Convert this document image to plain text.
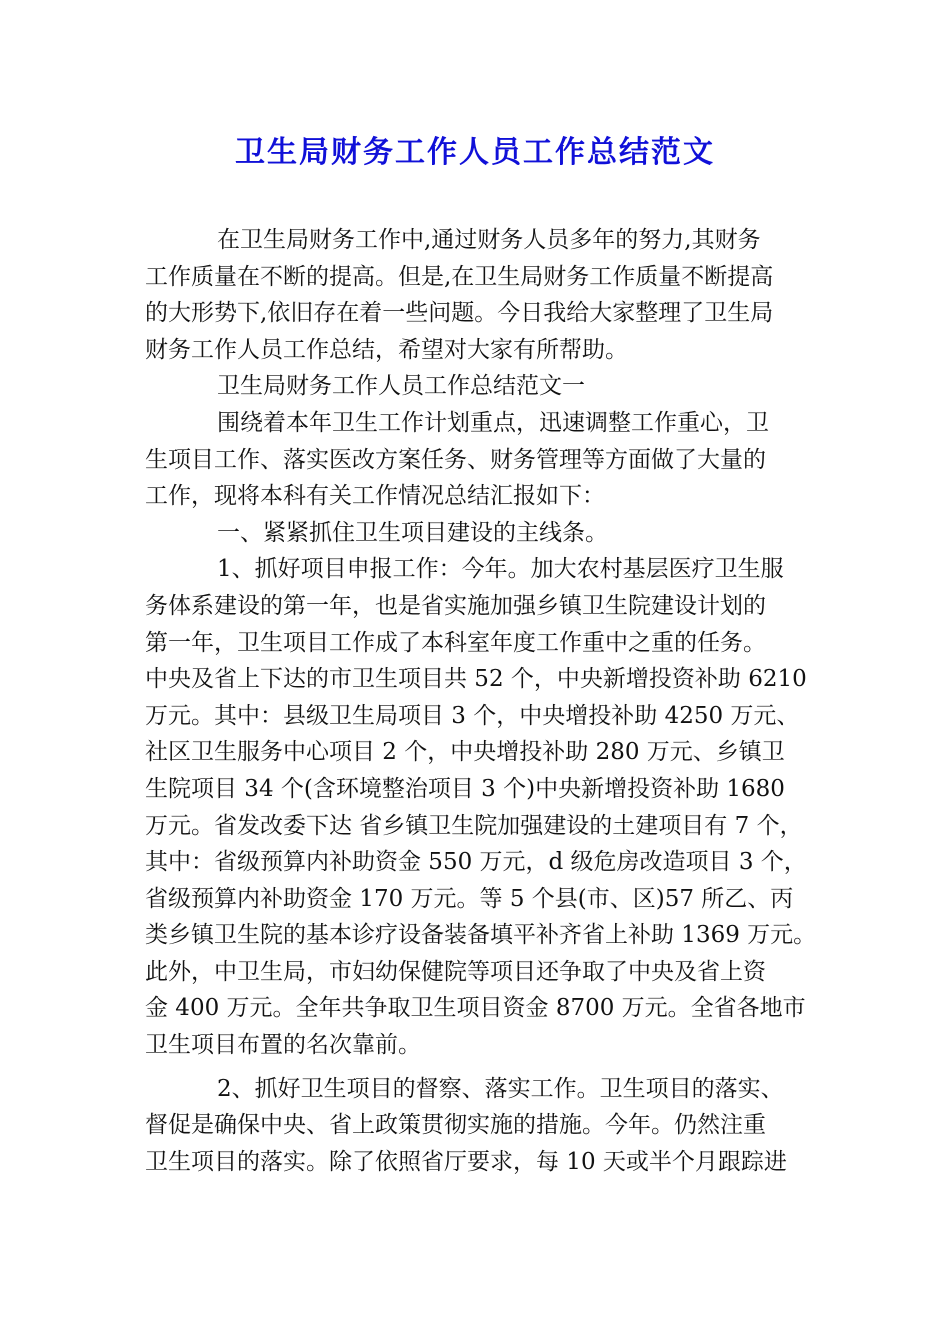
卫生局财务工作人员工作总结范文
在卫生局财务工作中,通过财务人员多年的努力,其财务
工作质量在不断的提高。但是,在卫生局财务工作质量不断提高
的大形势下,依旧存在着一些问题。今日我给大家整理了卫生局
财务工作人员工作总结，希望对大家有所帮助。
卫生局财务工作人员工作总结范文一
围绕着本年卫生工作计划重点，迅速调整工作重心，卫
生项目工作、落实医改方案任务、财务管理等方面做了大量的
工作，现将本科有关工作情况总结汇报如下：
一、紧紧抓住卫生项目建设的主线条。
1、抓好项目申报工作：今年。加大农村基层医疗卫生服
务体系建设的第一年，也是省实施加强乡镇卫生院建设计划的
第一年，卫生项目工作成了本科室年度工作重中之重的任务。
中央及省上下达的市卫生项目共 52 个，中央新增投资补助 6210
万元。其中：县级卫生局项目 3 个，中央增投补助 4250 万元、
社区卫生服务中心项目 2 个，中央增投补助 280 万元、乡镇卫
生院项目 34 个(含环境整治项目 3 个)中央新增投资补助 1680
万元。省发改委下达 省乡镇卫生院加强建设的土建项目有 7 个，
其中：省级预算内补助资金 550 万元，d 级危房改造项目 3 个，
省级预算内补助资金 170 万元。等 5 个县(市、区)57 所乙、丙
类乡镇卫生院的基本诊疗设备装备填平补齐省上补助 1369 万元。
此外，中卫生局，市妇幼保健院等项目还争取了中央及省上资
金 400 万元。全年共争取卫生项目资金 8700 万元。全省各地市
卫生项目布置的名次靠前。
2、抓好卫生项目的督察、落实工作。卫生项目的落实、
督促是确保中央、省上政策贯彻实施的措施。今年。仍然注重
卫生项目的落实。除了依照省厅要求，每 10 天或半个月跟踪进
